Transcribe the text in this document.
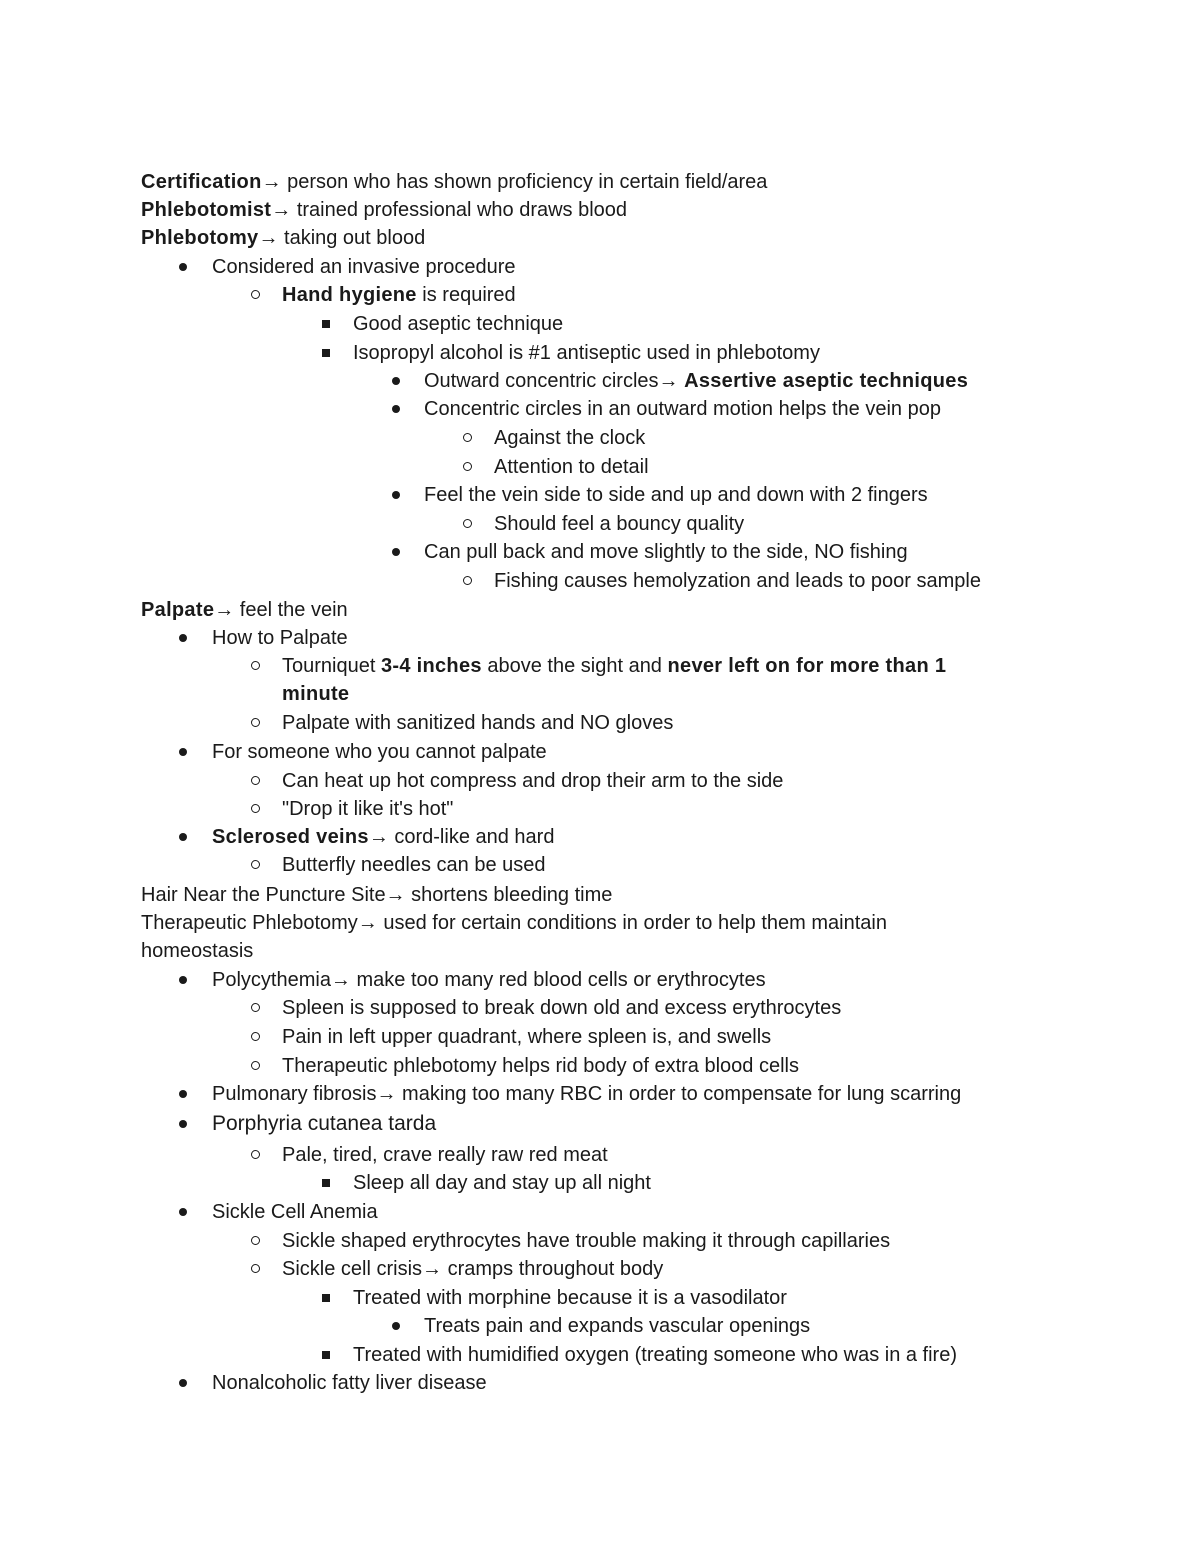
Certification→ person who has shown proficiency in certain field/area
Phlebotomist→ trained professional who draws blood
Phlebotomy→ taking out blood
Considered an invasive procedure
Hand hygiene is required
Good aseptic technique
Isopropyl alcohol is #1 antiseptic used in phlebotomy
Outward concentric circles→ Assertive aseptic techniques
Concentric circles in an outward motion helps the vein pop
Against the clock
Attention to detail
Feel the vein side to side and up and down with 2 fingers
Should feel a bouncy quality
Can pull back and move slightly to the side, NO fishing
Fishing causes hemolyzation and leads to poor sample
Palpate→ feel the vein
How to Palpate
Tourniquet 3-4 inches above the sight and never left on for more than 1
minute
Palpate with sanitized hands and NO gloves
For someone who you cannot palpate
Can heat up hot compress and drop their arm to the side
"Drop it like it's hot"
Sclerosed veins→ cord-like and hard
Butterfly needles can be used
Hair Near the Puncture Site→ shortens bleeding time
Therapeutic Phlebotomy→ used for certain conditions in order to help them maintain
homeostasis
Polycythemia→ make too many red blood cells or erythrocytes
Spleen is supposed to break down old and excess erythrocytes
Pain in left upper quadrant, where spleen is, and swells
Therapeutic phlebotomy helps rid body of extra blood cells
Pulmonary fibrosis→ making too many RBC in order to compensate for lung scarring
Porphyria cutanea tarda
Pale, tired, crave really raw red meat
Sleep all day and stay up all night
Sickle Cell Anemia
Sickle shaped erythrocytes have trouble making it through capillaries
Sickle cell crisis→ cramps throughout body
Treated with morphine because it is a vasodilator
Treats pain and expands vascular openings
Treated with humidified oxygen (treating someone who was in a fire)
Nonalcoholic fatty liver disease
